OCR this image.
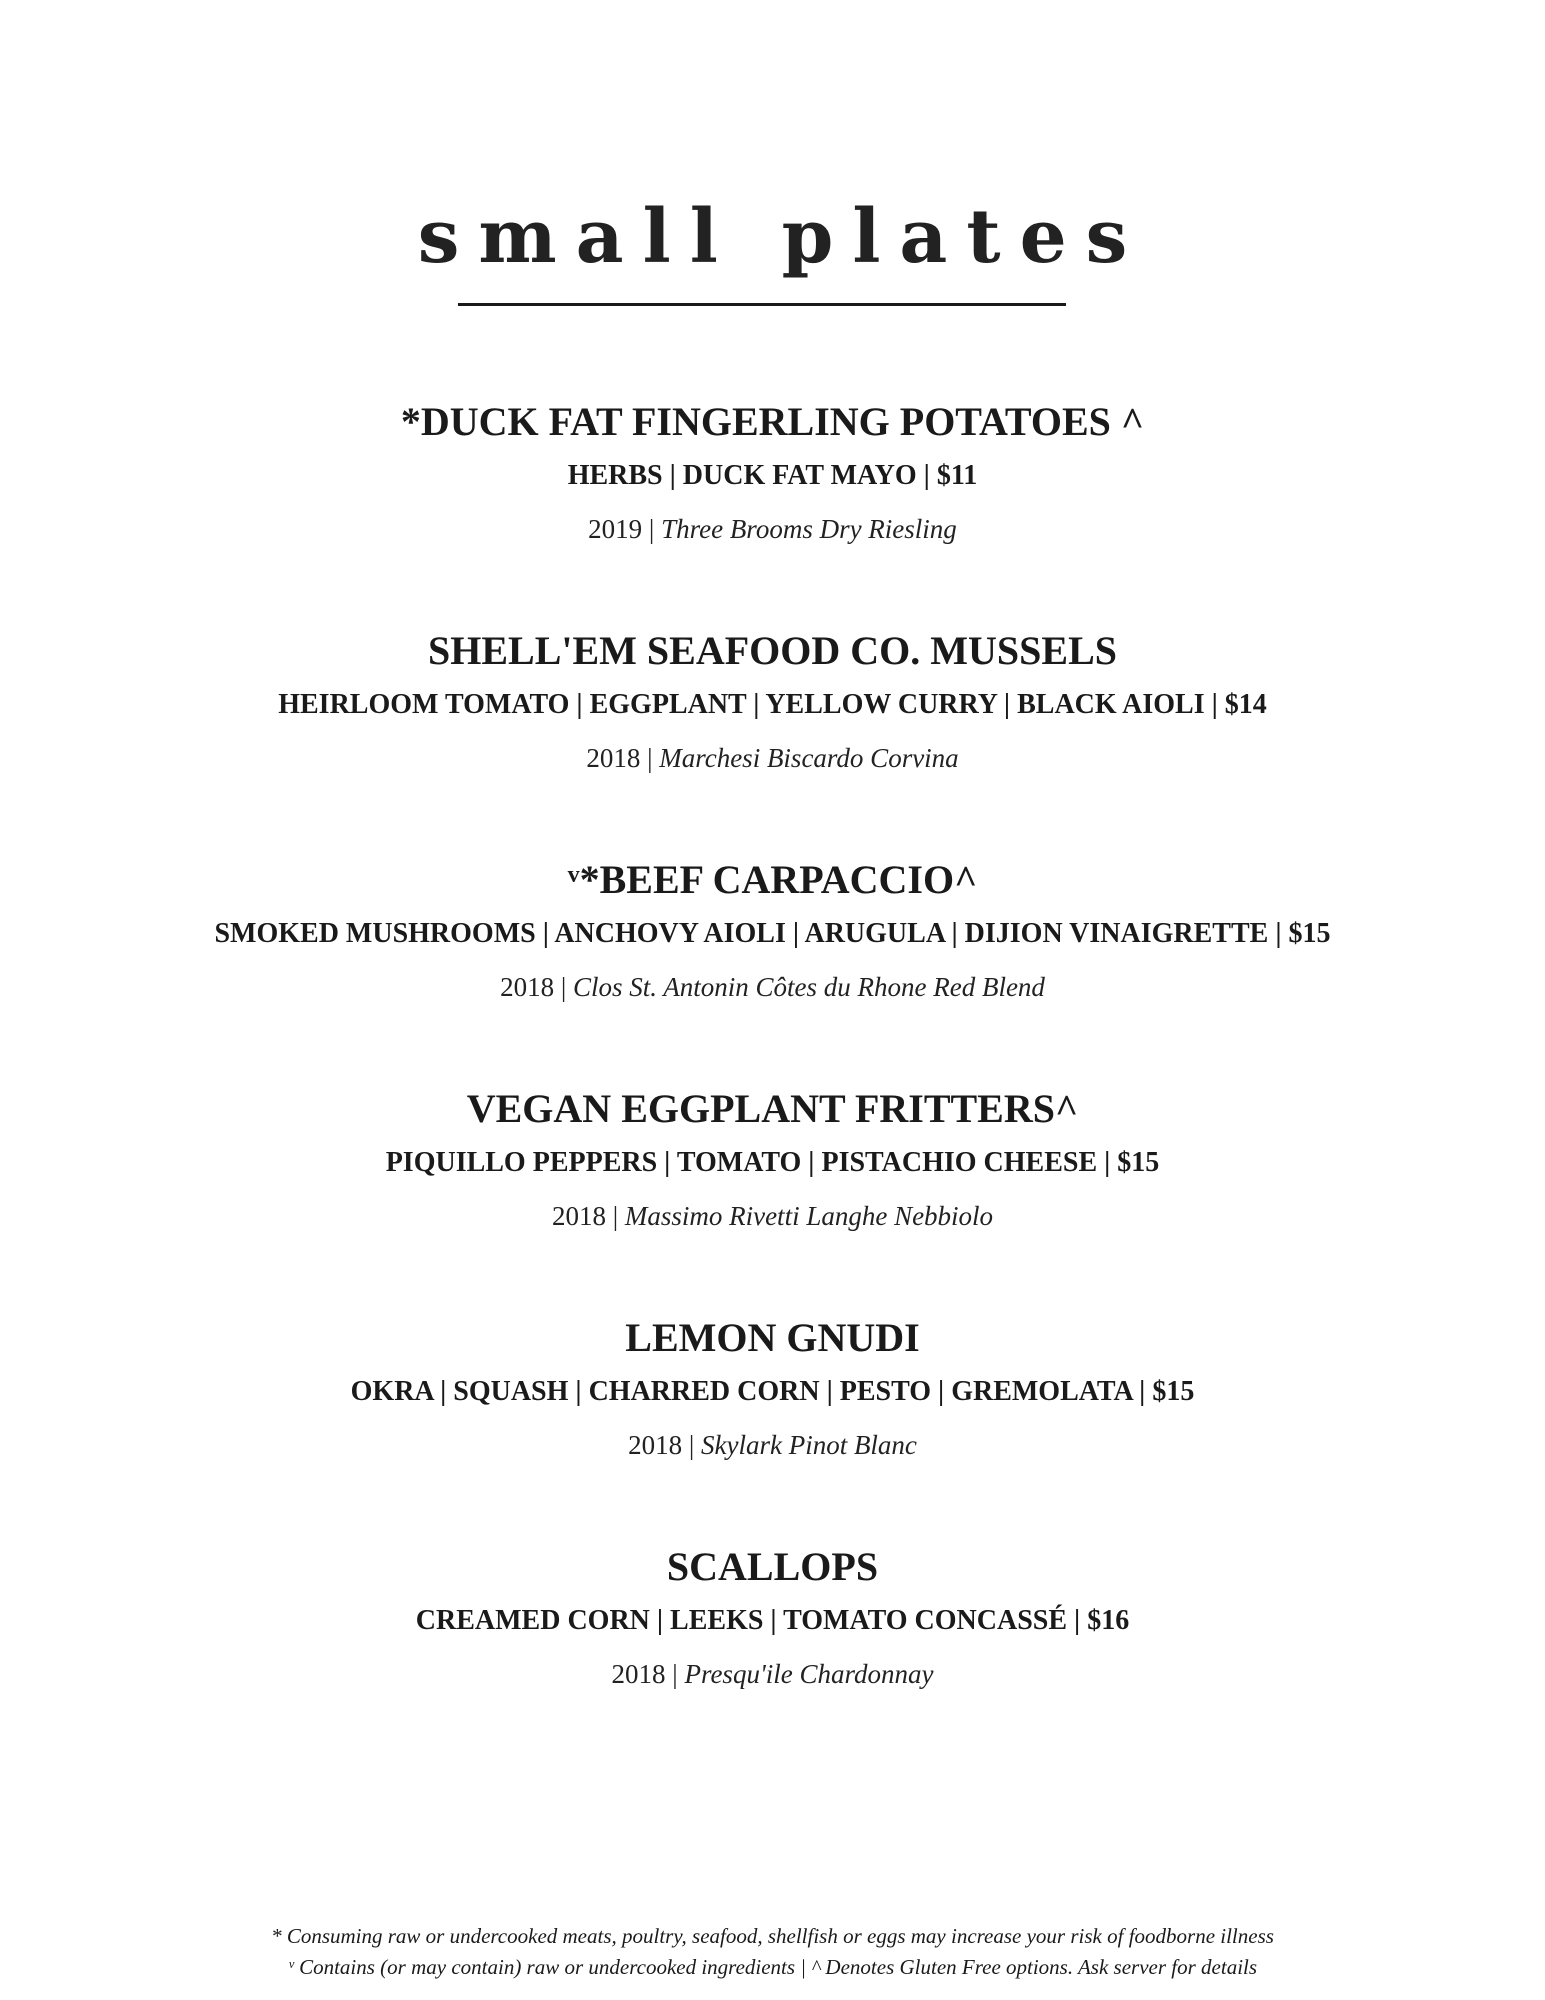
small plates
*DUCK FAT FINGERLING POTATOES ^
HERBS | DUCK FAT MAYO | $11
2019 | Three Brooms Dry Riesling
SHELL'EM SEAFOOD CO. MUSSELS
HEIRLOOM TOMATO | EGGPLANT | YELLOW CURRY | BLACK AIOLI | $14
2018 | Marchesi Biscardo Corvina
ᵛ*BEEF CARPACCIO^
SMOKED MUSHROOMS | ANCHOVY AIOLI | ARUGULA | DIJION VINAIGRETTE | $15
2018 | Clos St. Antonin Côtes du Rhone Red Blend
VEGAN EGGPLANT FRITTERS^
PIQUILLO PEPPERS | TOMATO | PISTACHIO CHEESE | $15
2018 | Massimo Rivetti Langhe Nebbiolo
LEMON GNUDI
OKRA | SQUASH | CHARRED CORN | PESTO | GREMOLATA | $15
2018 | Skylark Pinot Blanc
SCALLOPS
CREAMED CORN | LEEKS | TOMATO CONCASSÉ | $16
2018 | Presqu'ile Chardonnay
* Consuming raw or undercooked meats, poultry, seafood, shellfish or eggs may increase your risk of foodborne illness
ᵛ Contains (or may contain) raw or undercooked ingredients | ^ Denotes Gluten Free options. Ask server for details
